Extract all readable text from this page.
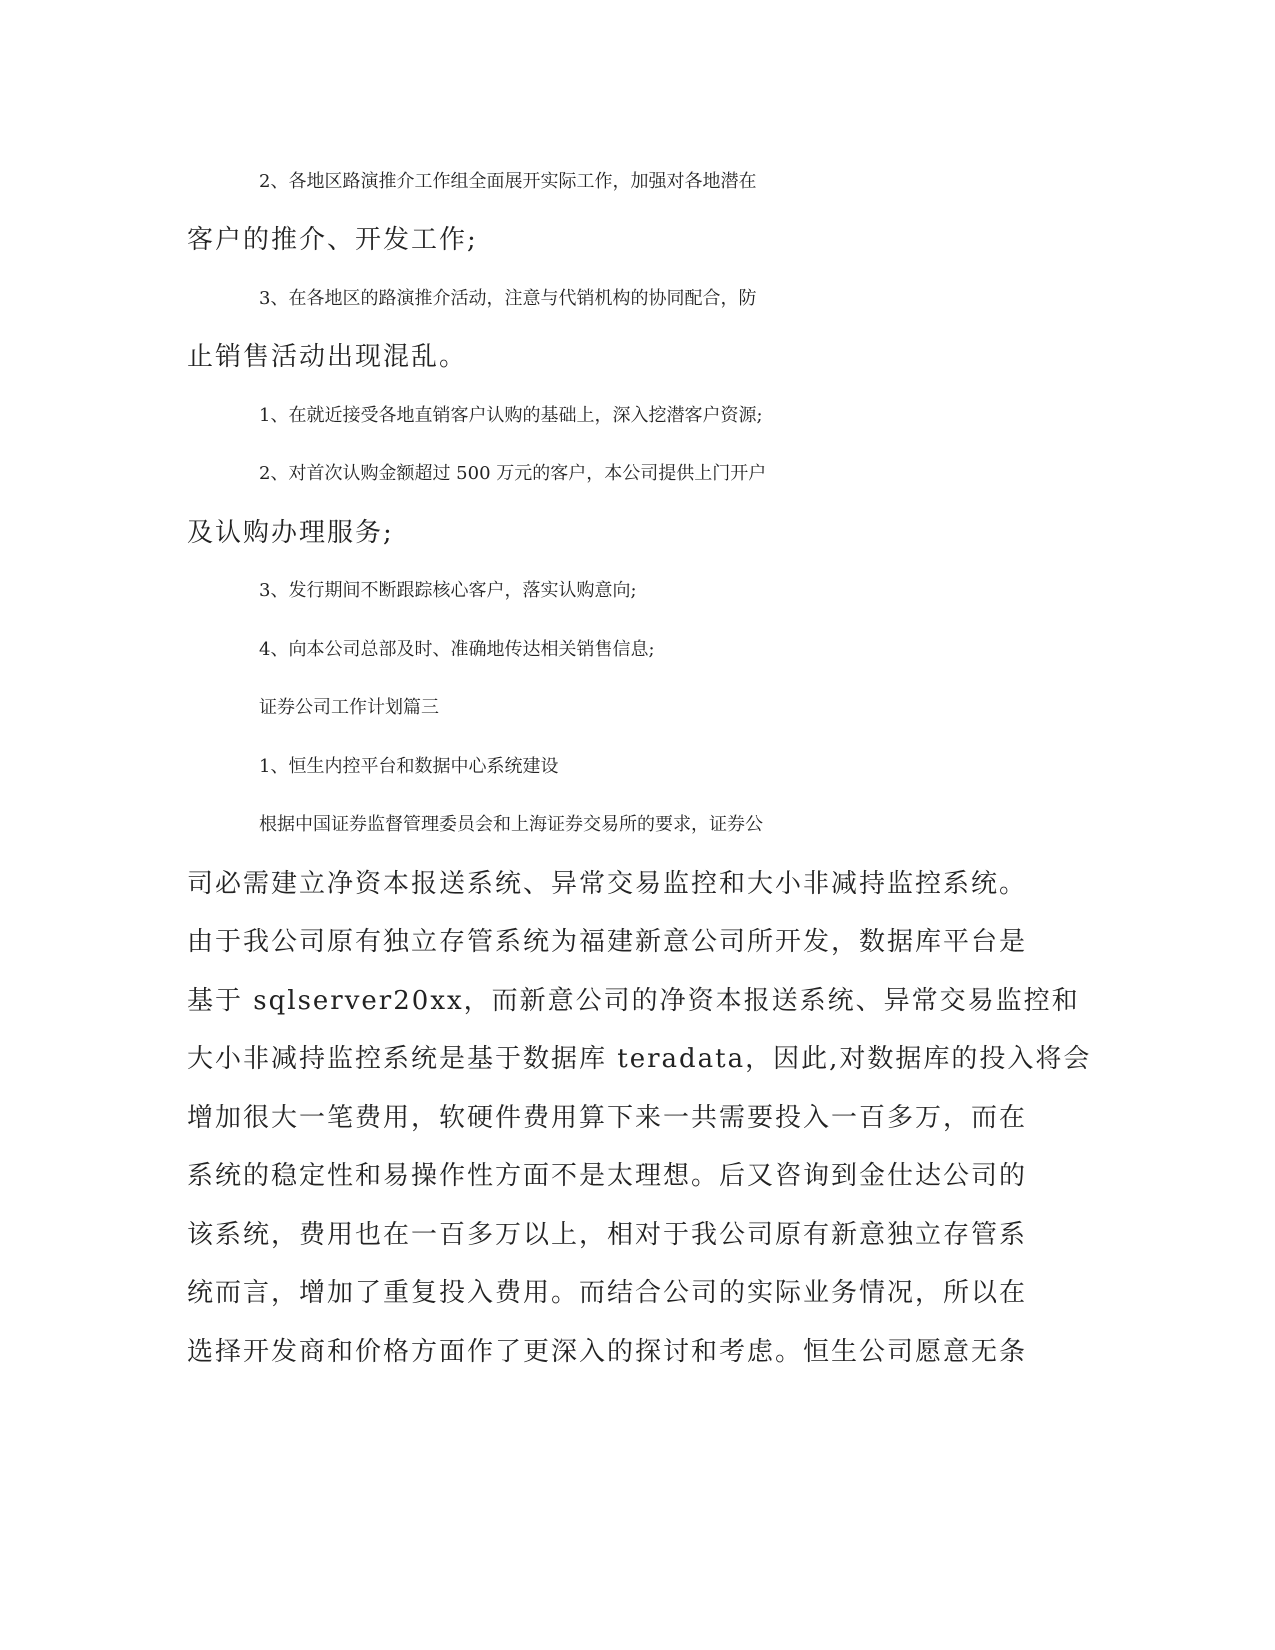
2、各地区路演推介工作组全面展开实际工作，加强对各地潜在
客户的推介、开发工作;
3、在各地区的路演推介活动，注意与代销机构的协同配合，防
止销售活动出现混乱。
1、在就近接受各地直销客户认购的基础上，深入挖潜客户资源;
2、对首次认购金额超过 500 万元的客户，本公司提供上门开户
及认购办理服务;
3、发行期间不断跟踪核心客户，落实认购意向;
4、向本公司总部及时、准确地传达相关销售信息;
证券公司工作计划篇三
1、恒生内控平台和数据中心系统建设
根据中国证券监督管理委员会和上海证券交易所的要求，证券公
司必需建立净资本报送系统、异常交易监控和大小非减持监控系统。
由于我公司原有独立存管系统为福建新意公司所开发，数据库平台是
基于 sqlserver20xx，而新意公司的净资本报送系统、异常交易监控和
大小非减持监控系统是基于数据库 teradata，因此,对数据库的投入将会
增加很大一笔费用，软硬件费用算下来一共需要投入一百多万，而在
系统的稳定性和易操作性方面不是太理想。后又咨询到金仕达公司的
该系统，费用也在一百多万以上，相对于我公司原有新意独立存管系
统而言，增加了重复投入费用。而结合公司的实际业务情况，所以在
选择开发商和价格方面作了更深入的探讨和考虑。恒生公司愿意无条
